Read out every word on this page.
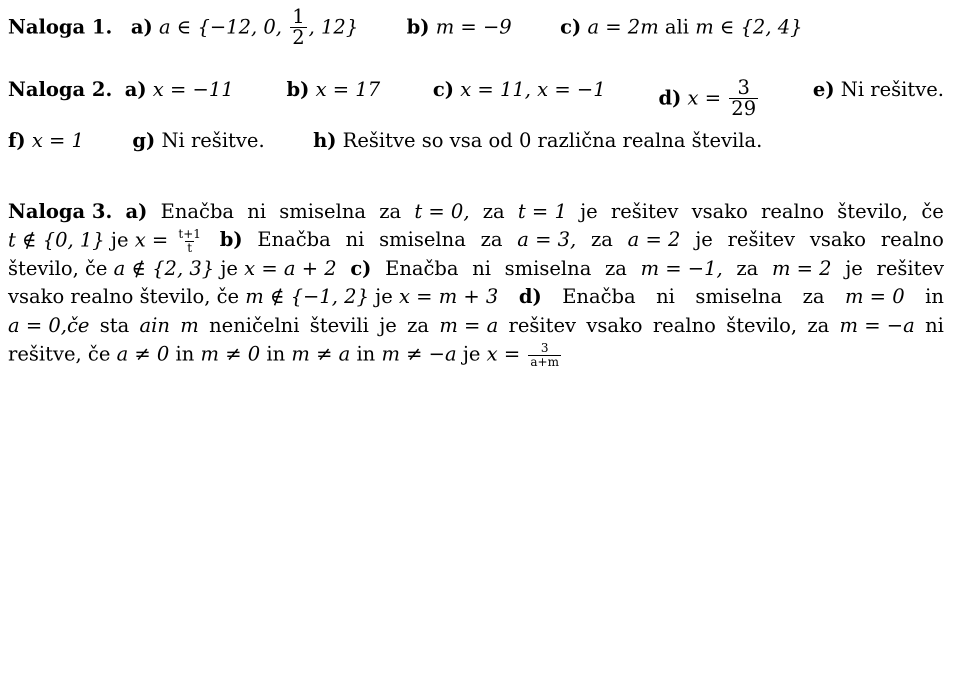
Naloga 1. a) a ∈ {−12, 0, $\frac{1}{2}$ , 12} b) m = −9 c) a = 2m ali m ∈ {2, 4}
Naloga 2. a) x = −11	b) x = 17	c) x = 11, x = −1	d) $x = \frac{3}{29}$	e) Ni rešitve.
f) x = 1 g) Ni rešitve. h) Rešitve so vsa od 0 različna realna števila.
Naloga 3. a) Enačba ni smiselna za t = 0, za t = 1 je rešitev vsako realno število, če
t ∉ {0, 1} je $x = \frac{t+1}{t} b$) Enačba ni smiselna za a = 3, za a = 2 je rešitev vsako realno
število, če a ∉ {2, 3} je x = a + 2 c) Enačba ni smiselna za m = −1, za m = 2 je rešitev
vsako realno število, če m ∉ {−1, 2} je x = m + 3 d) Enačba ni smiselna za m = 0 in
a = 0,če sta ain m neničelni števili je za m = a rešitev vsako realno število, za m = −a ni
rešitve, če a ≠ 0 in m ≠ 0 in m ≠ a in m ≠ −a je $x = \frac{3}{a+m}$
